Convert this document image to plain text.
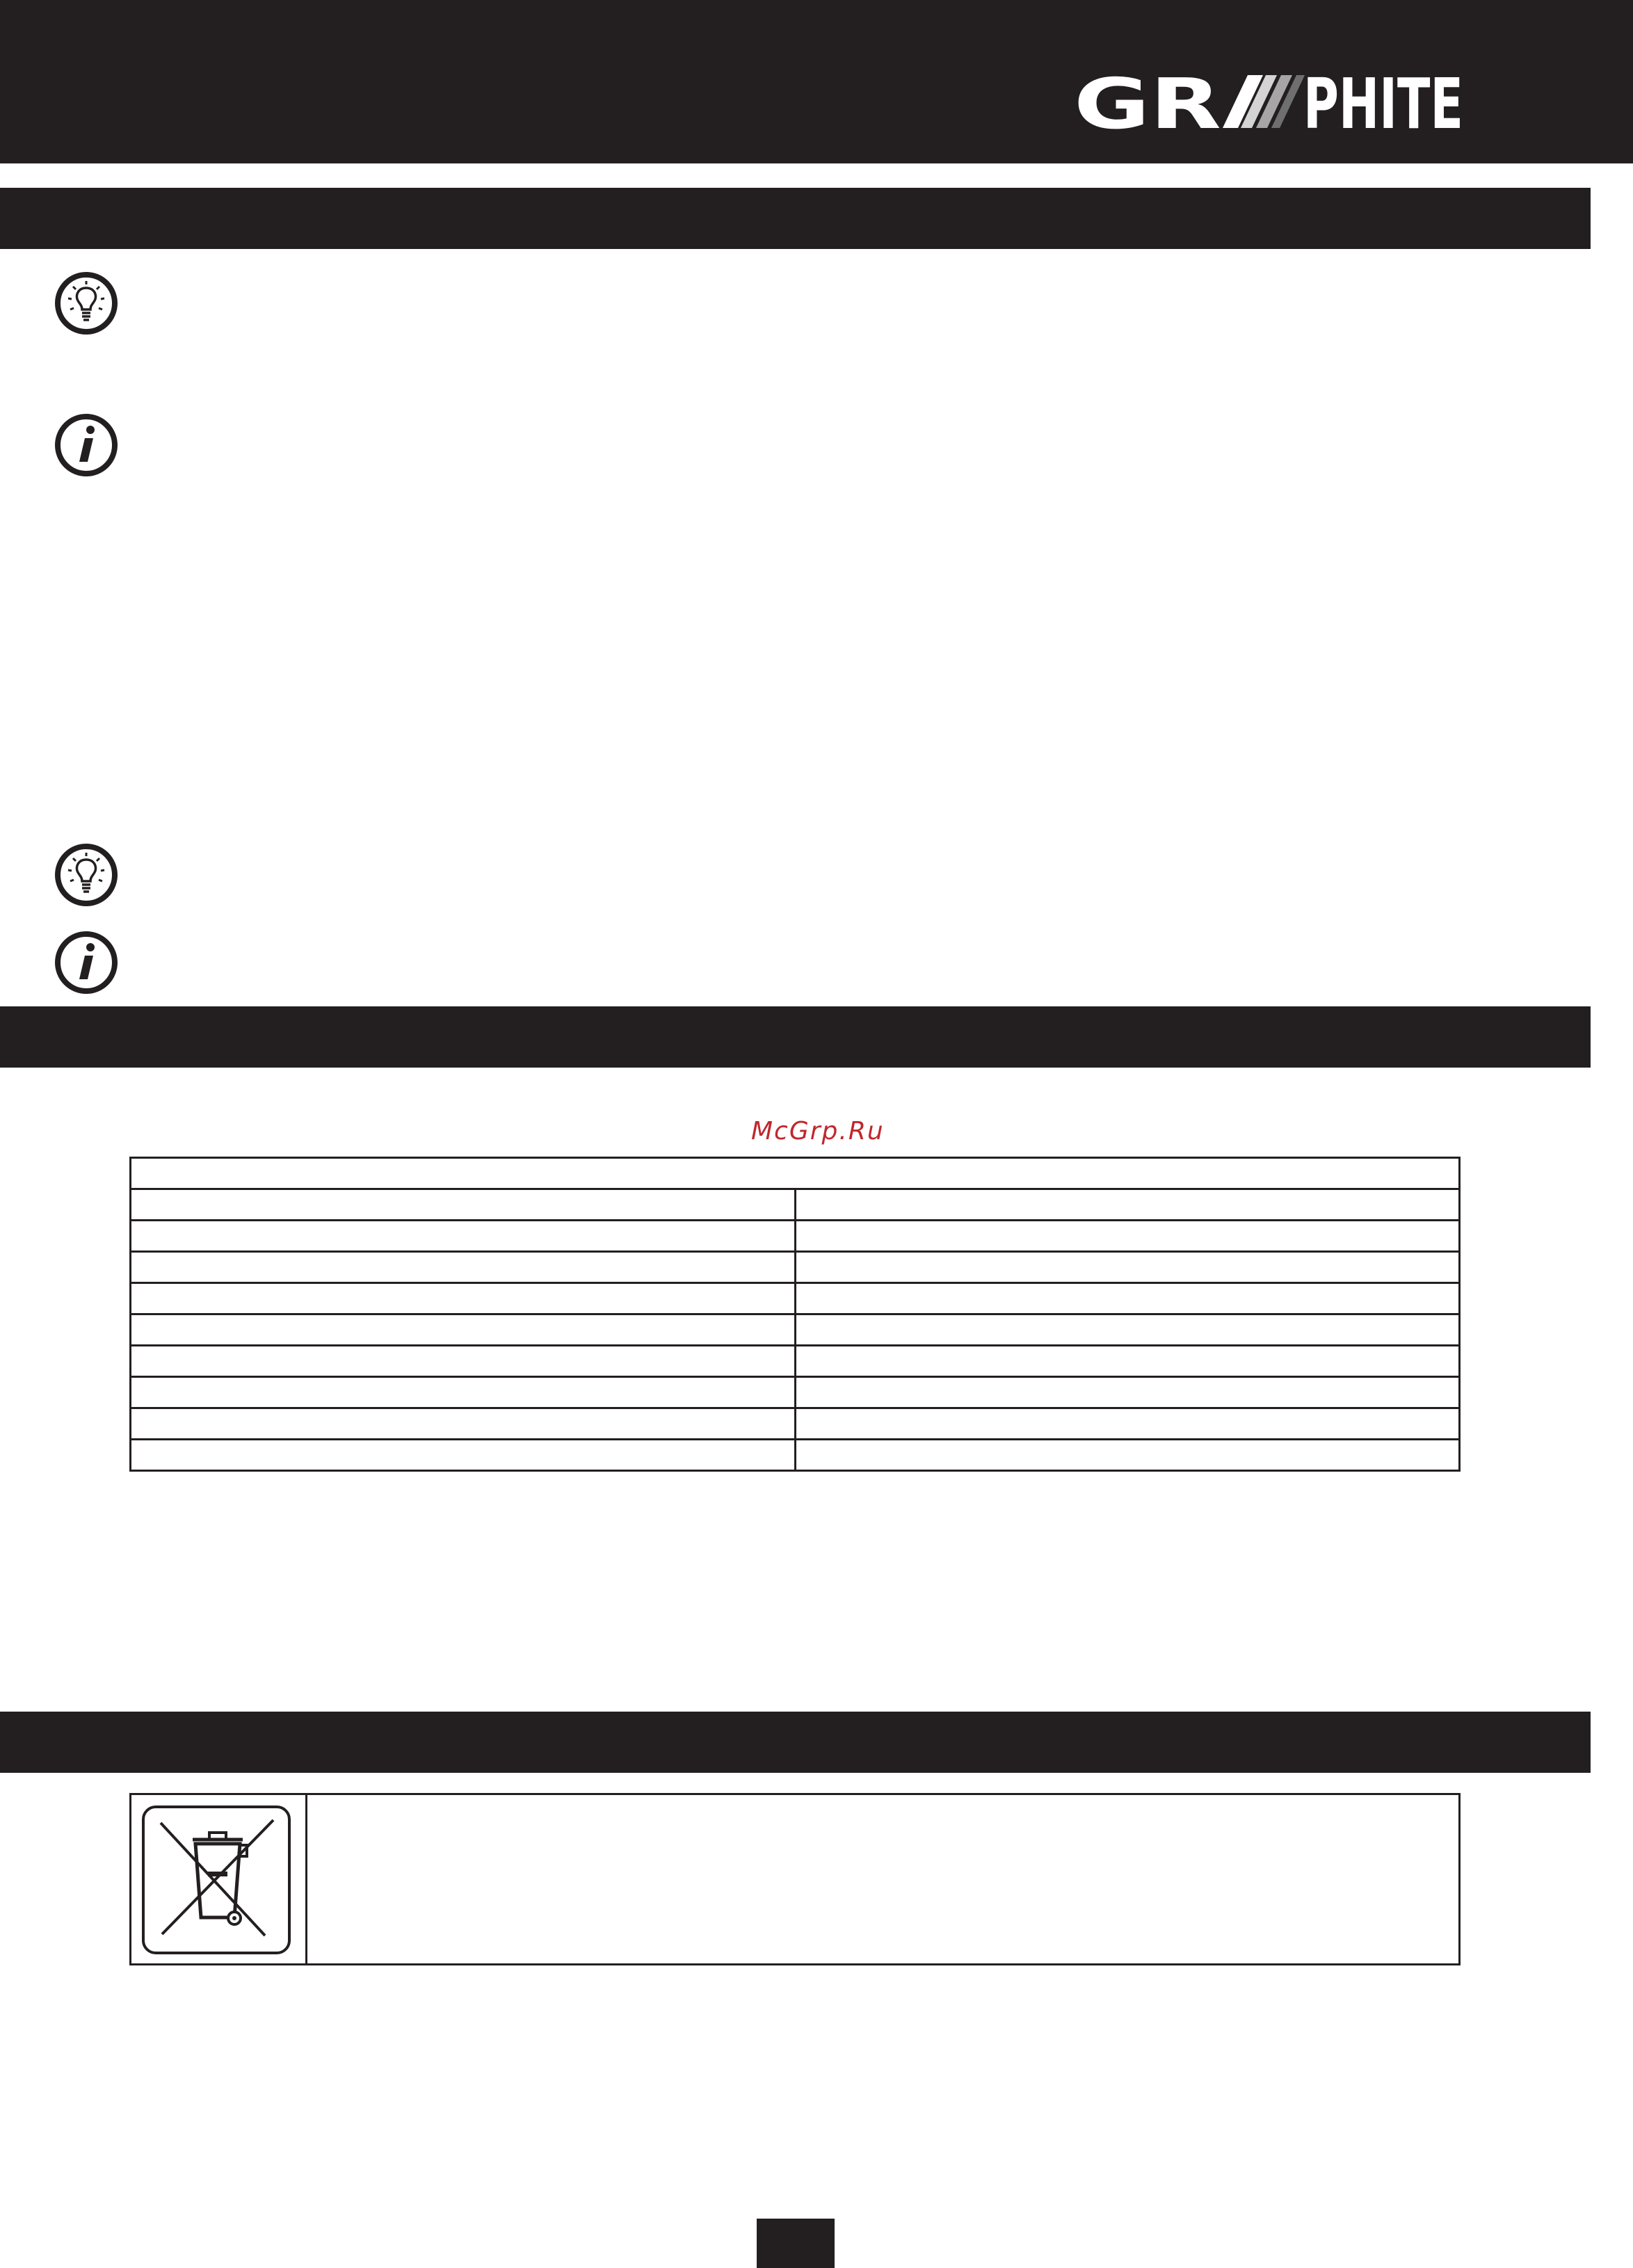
GR PHITE
McGrp.Ru
